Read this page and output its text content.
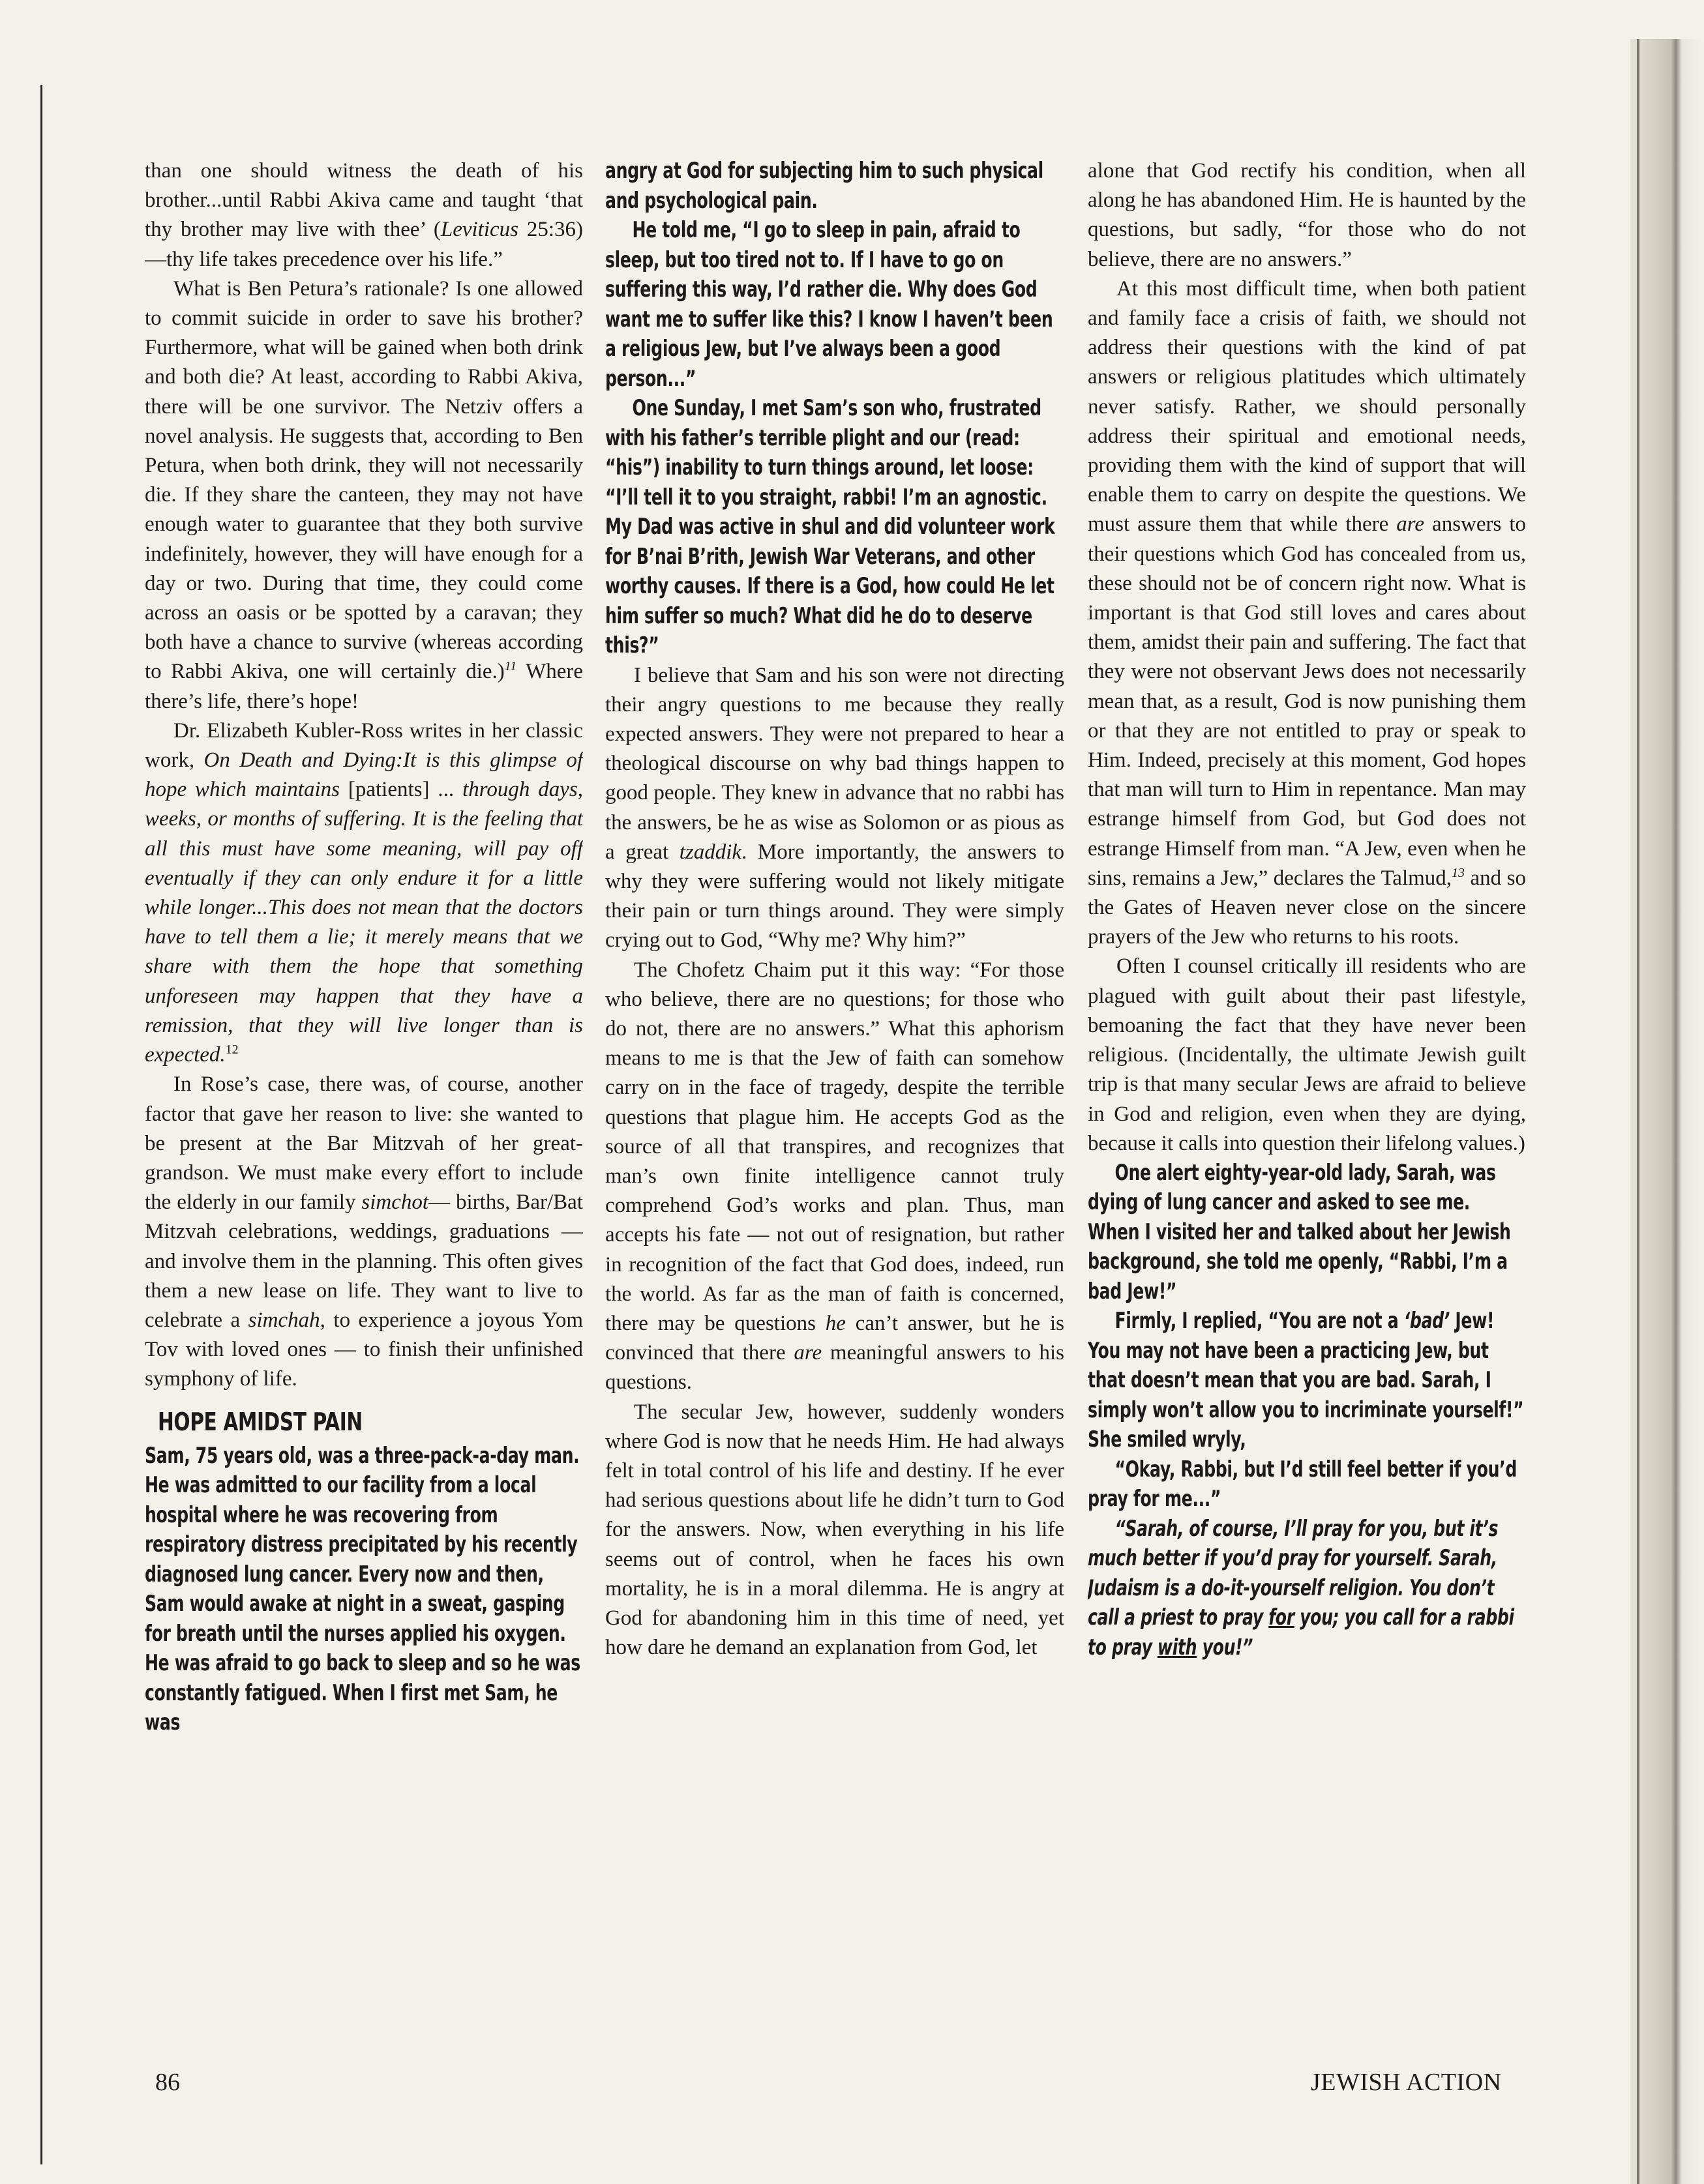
than one should witness the death of his brother...until Rabbi Akiva came and taught ‘that thy brother may live with thee’ (Leviticus 25:36)—thy life takes precedence over his life.”

What is Ben Petura’s rationale? Is one allowed to commit suicide in order to save his brother? Furthermore, what will be gained when both drink and both die? At least, according to Rabbi Akiva, there will be one survivor. The Netziv offers a novel analysis. He suggests that, according to Ben Petura, when both drink, they will not necessarily die. If they share the canteen, they may not have enough water to guarantee that they both survive indefinitely, however, they will have enough for a day or two. During that time, they could come across an oasis or be spotted by a caravan; they both have a chance to survive (whereas according to Rabbi Akiva, one will certainly die.)$^{11}$ Where there’s life, there’s hope!

Dr. Elizabeth Kubler-Ross writes in her classic work, On Death and Dying:It is this glimpse of hope which maintains [patients] ... through days, weeks, or months of suffering. It is the feeling that all this must have some meaning, will pay off eventually if they can only endure it for a little while longer...This does not mean that the doctors have to tell them a lie; it merely means that we share with them the hope that something unforeseen may happen that they have a remission, that they will live longer than is expected.$^{12}$

In Rose’s case, there was, of course, another factor that gave her reason to live: she wanted to be present at the Bar Mitzvah of her great-grandson. We must make every effort to include the elderly in our family simchot— births, Bar/Bat Mitzvah celebrations, weddings, graduations — and involve them in the planning. This often gives them a new lease on life. They want to live to celebrate a simchah, to experience a joyous Yom Tov with loved ones — to finish their unfinished symphony of life.

HOPE AMIDST PAIN

Sam, 75 years old, was a three-pack-a-day man. He was admitted to our facility from a local hospital where he was recovering from respiratory distress precipitated by his recently diagnosed lung cancer. Every now and then, Sam would awake at night in a sweat, gasping for breath until the nurses applied his oxygen. He was afraid to go back to sleep and so he was constantly fatigued. When I first met Sam, he was

angry at God for subjecting him to such physical and psychological pain.

He told me, “I go to sleep in pain, afraid to sleep, but too tired not to. If I have to go on suffering this way, I’d rather die. Why does God want me to suffer like this? I know I haven’t been a religious Jew, but I’ve always been a good person...”

One Sunday, I met Sam’s son who, frustrated with his father’s terrible plight and our (read: “his”) inability to turn things around, let loose: “I’ll tell it to you straight, rabbi! I’m an agnostic. My Dad was active in shul and did volunteer work for B’nai B’rith, Jewish War Veterans, and other worthy causes. If there is a God, how could He let him suffer so much? What did he do to deserve this?”

I believe that Sam and his son were not directing their angry questions to me because they really expected answers. They were not prepared to hear a theological discourse on why bad things happen to good people. They knew in advance that no rabbi has the answers, be he as wise as Solomon or as pious as a great tzaddik. More importantly, the answers to why they were suffering would not likely mitigate their pain or turn things around. They were simply crying out to God, “Why me? Why him?”

The Chofetz Chaim put it this way: “For those who believe, there are no questions; for those who do not, there are no answers.” What this aphorism means to me is that the Jew of faith can somehow carry on in the face of tragedy, despite the terrible questions that plague him. He accepts God as the source of all that transpires, and recognizes that man’s own finite intelligence cannot truly comprehend God’s works and plan. Thus, man accepts his fate — not out of resignation, but rather in recognition of the fact that God does, indeed, run the world. As far as the man of faith is concerned, there may be questions he can’t answer, but he is convinced that there are meaningful answers to his questions.

The secular Jew, however, suddenly wonders where God is now that he needs Him. He had always felt in total control of his life and destiny. If he ever had serious questions about life he didn’t turn to God for the answers. Now, when everything in his life seems out of control, when he faces his own mortality, he is in a moral dilemma. He is angry at God for abandoning him in this time of need, yet how dare he demand an explanation from God, let

alone that God rectify his condition, when all along he has abandoned Him. He is haunted by the questions, but sadly, “for those who do not believe, there are no answers.”

At this most difficult time, when both patient and family face a crisis of faith, we should not address their questions with the kind of pat answers or religious platitudes which ultimately never satisfy. Rather, we should personally address their spiritual and emotional needs, providing them with the kind of support that will enable them to carry on despite the questions. We must assure them that while there are answers to their questions which God has concealed from us, these should not be of concern right now. What is important is that God still loves and cares about them, amidst their pain and suffering. The fact that they were not observant Jews does not necessarily mean that, as a result, God is now punishing them or that they are not entitled to pray or speak to Him. Indeed, precisely at this moment, God hopes that man will turn to Him in repentance. Man may estrange himself from God, but God does not estrange Himself from man. “A Jew, even when he sins, remains a Jew,” declares the Talmud,$^{13}$ and so the Gates of Heaven never close on the sincere prayers of the Jew who returns to his roots.

Often I counsel critically ill residents who are plagued with guilt about their past lifestyle, bemoaning the fact that they have never been religious. (Incidentally, the ultimate Jewish guilt trip is that many secular Jews are afraid to believe in God and religion, even when they are dying, because it calls into question their lifelong values.)

One alert eighty-year-old lady, Sarah, was dying of lung cancer and asked to see me. When I visited her and talked about her Jewish background, she told me openly, “Rabbi, I’m a bad Jew!”

Firmly, I replied, “You are not a ‘bad’ Jew! You may not have been a practicing Jew, but that doesn’t mean that you are bad. Sarah, I simply won’t allow you to incriminate yourself!” She smiled wryly,

“Okay, Rabbi, but I’d still feel better if you’d pray for me...”

“Sarah, of course, I’ll pray for you, but it’s much better if you’d pray for yourself. Sarah, Judaism is a do-it-yourself religion. You don’t call a priest to pray for you; you call for a rabbi to pray with you!”

86	JEWISH ACTION
